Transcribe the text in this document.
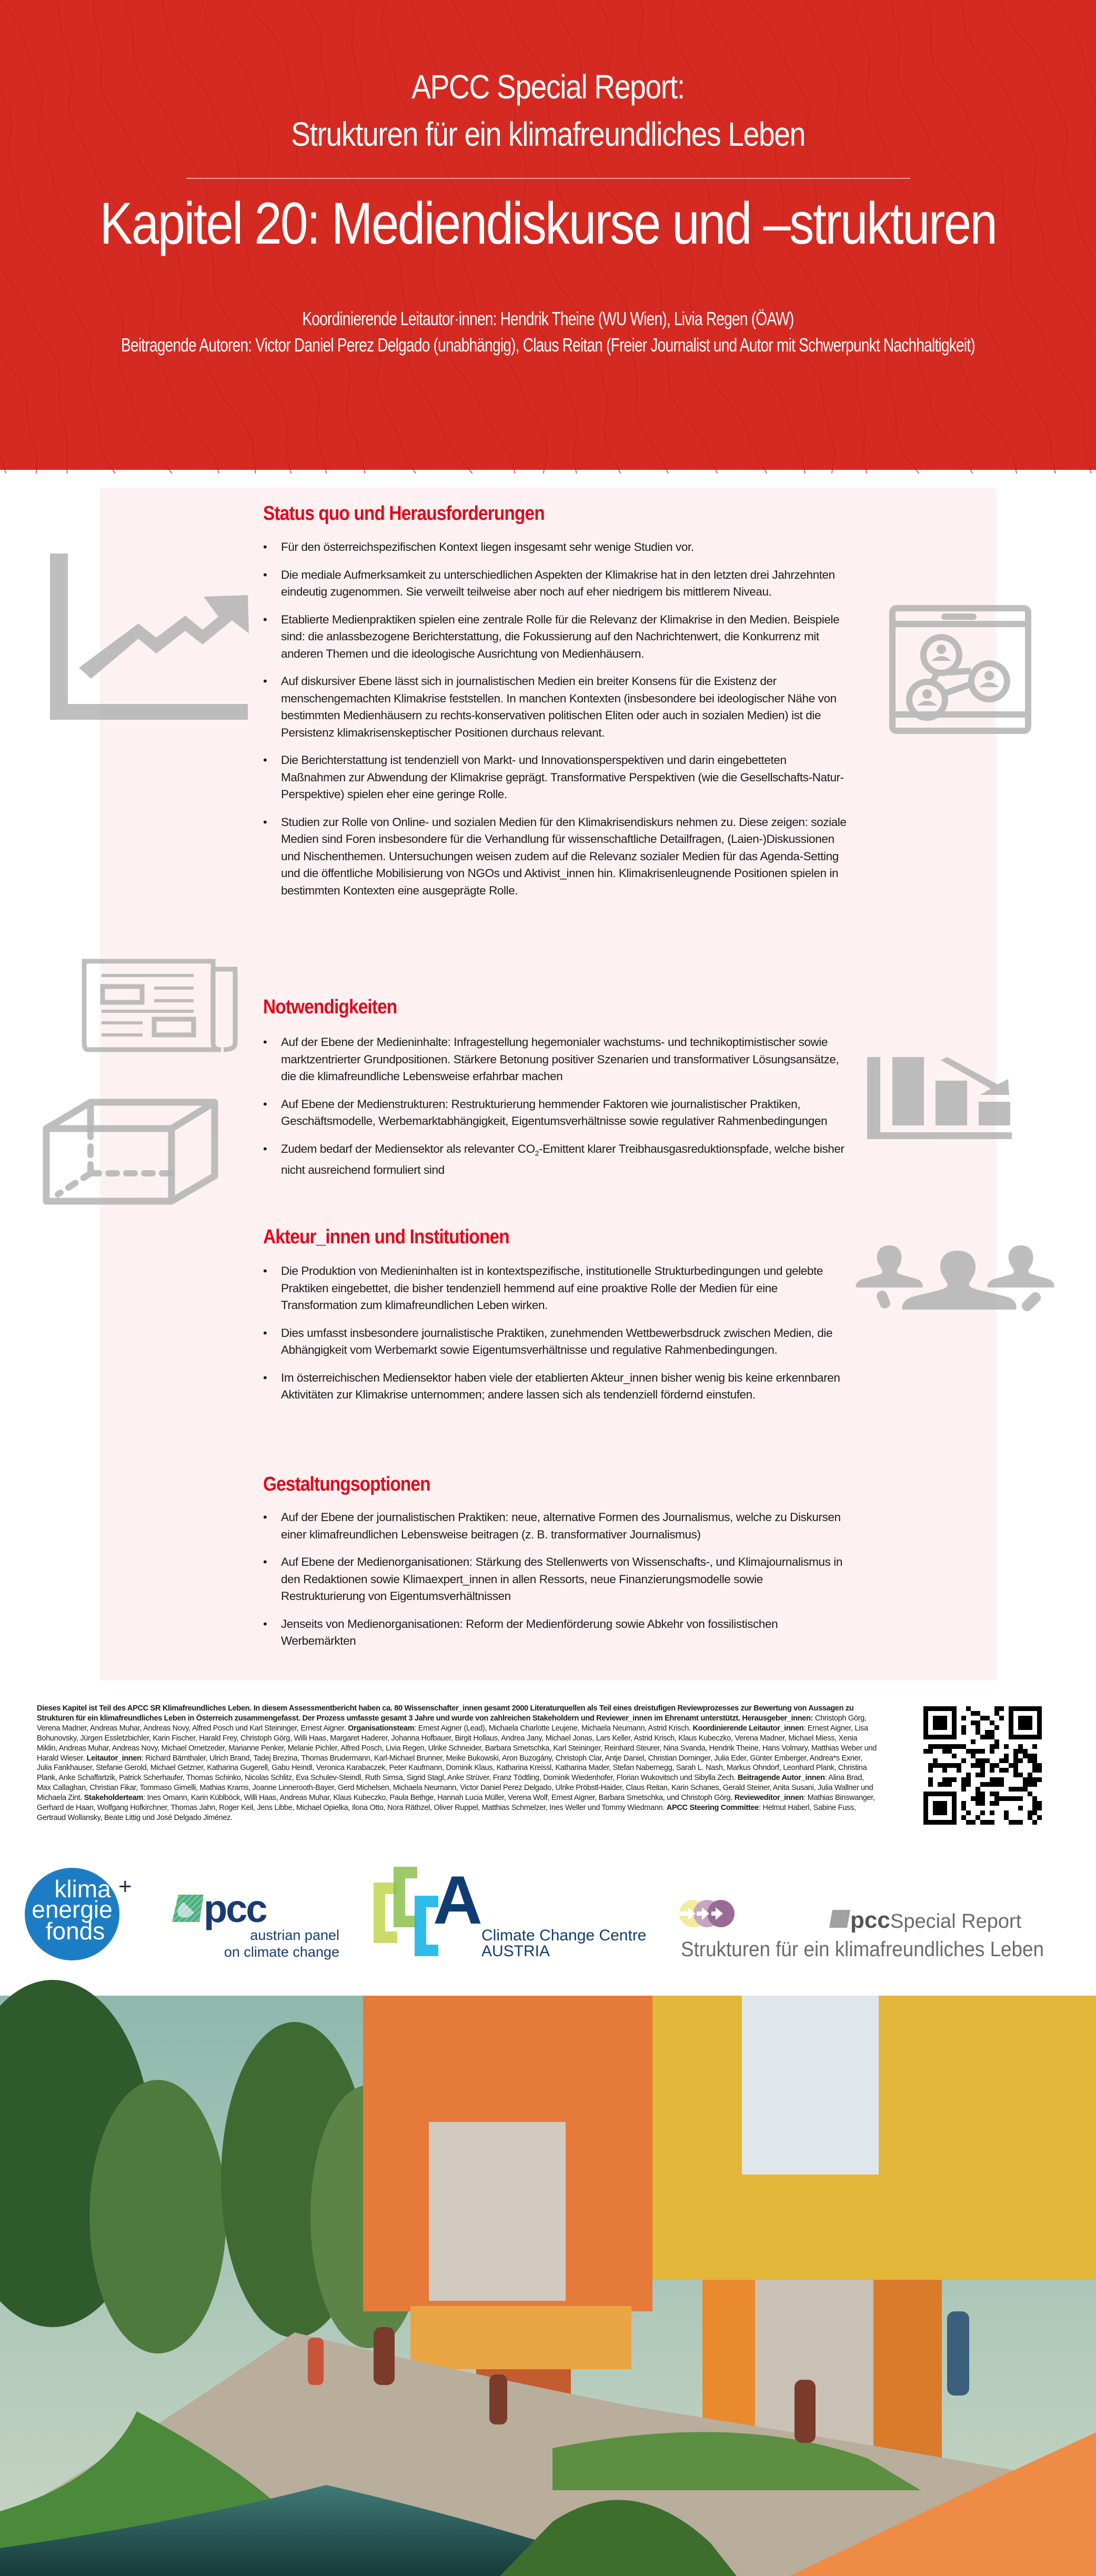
APCC Special Report:
Strukturen für ein klimafreundliches Leben
Kapitel 20: Mediendiskurse und –strukturen
Koordinierende Leitautor·innen: Hendrik Theine (WU Wien), Livia Regen (ÖAW)
Beitragende Autoren: Victor Daniel Perez Delgado (unabhängig), Claus Reitan (Freier Journalist und Autor mit Schwerpunkt Nachhaltigkeit)
Status quo und Herausforderungen
• Für den österreichspezifischen Kontext liegen insgesamt sehr wenige Studien vor.
• Die mediale Aufmerksamkeit zu unterschiedlichen Aspekten der Klimakrise hat in den letzten drei Jahrzehnten eindeutig zugenommen. Sie verweilt teilweise aber noch auf eher niedrigem bis mittlerem Niveau.
• Etablierte Medienpraktiken spielen eine zentrale Rolle für die Relevanz der Klimakrise in den Medien. Beispiele sind: die anlassbezogene Berichterstattung, die Fokussierung auf den Nachrichtenwert, die Konkurrenz mit anderen Themen und die ideologische Ausrichtung von Medienhäusern.
• Auf diskursiver Ebene lässt sich in journalistischen Medien ein breiter Konsens für die Existenz der menschengemachten Klimakrise feststellen. In manchen Kontexten (insbesondere bei ideologischer Nähe von bestimmten Medienhäusern zu rechts-konservativen politischen Eliten oder auch in sozialen Medien) ist die Persistenz klimakrisenskeptischer Positionen durchaus relevant.
• Die Berichterstattung ist tendenziell von Markt- und Innovationsperspektiven und darin eingebetteten Maßnahmen zur Abwendung der Klimakrise geprägt. Transformative Perspektiven (wie die Gesellschafts-Natur-Perspektive) spielen eher eine geringe Rolle.
• Studien zur Rolle von Online- und sozialen Medien für den Klimakrisendiskurs nehmen zu. Diese zeigen: soziale Medien sind Foren insbesondere für die Verhandlung für wissenschaftliche Detailfragen, (Laien-)Diskussionen und Nischenthemen. Untersuchungen weisen zudem auf die Relevanz sozialer Medien für das Agenda-Setting und die öffentliche Mobilisierung von NGOs und Aktivist_innen hin. Klimakrisenleugnende Positionen spielen in bestimmten Kontexten eine ausgeprägte Rolle.
Notwendigkeiten
• Auf der Ebene der Medieninhalte: Infragestellung hegemonialer wachstums- und technikoptimistischer sowie marktzentrierter Grundpositionen. Stärkere Betonung positiver Szenarien und transformativer Lösungsansätze, die die klimafreundliche Lebensweise erfahrbar machen
• Auf Ebene der Medienstrukturen: Restrukturierung hemmender Faktoren wie journalistischer Praktiken, Geschäftsmodelle, Werbemarktabhängigkeit, Eigentumsverhältnisse sowie regulativer Rahmenbedingungen
• Zudem bedarf der Mediensektor als relevanter $CO_2$-Emittent klarer Treibhausgasreduktionspfade, welche bisher nicht ausreichend formuliert sind
Akteur_innen und Institutionen
• Die Produktion von Medieninhalten ist in kontextspezifische, institutionelle Strukturbedingungen und gelebte Praktiken eingebettet, die bisher tendenziell hemmend auf eine proaktive Rolle der Medien für eine Transformation zum klimafreundlichen Leben wirken.
• Dies umfasst insbesondere journalistische Praktiken, zunehmenden Wettbewerbsdruck zwischen Medien, die Abhängigkeit vom Werbemarkt sowie Eigentumsverhältnisse und regulative Rahmenbedingungen.
• Im österreichischen Mediensektor haben viele der etablierten Akteur_innen bisher wenig bis keine erkennbaren Aktivitäten zur Klimakrise unternommen; andere lassen sich als tendenziell fördernd einstufen.
Gestaltungsoptionen
• Auf der Ebene der journalistischen Praktiken: neue, alternative Formen des Journalismus, welche zu Diskursen einer klimafreundlichen Lebensweise beitragen (z. B. transformativer Journalismus)
• Auf Ebene der Medienorganisationen: Stärkung des Stellenwerts von Wissenschafts-, und Klimajournalismus in den Redaktionen sowie Klimaexpert_innen in allen Ressorts, neue Finanzierungsmodelle sowie Restrukturierung von Eigentumsverhältnissen
• Jenseits von Medienorganisationen: Reform der Medienförderung sowie Abkehr von fossilistischen Werbemärkten
Dieses Kapitel ist Teil des APCC SR Klimafreundliches Leben. In diesem Assessmentbericht haben ca. 80 Wissenschafter_innen gesamt 2000 Literaturquellen als Teil eines dreistufigen Reviewprozesses zur Bewertung von Aussagen zu Strukturen für ein klimafreundliches Leben in Österreich zusammengefasst. Der Prozess umfasste gesamt 3 Jahre und wurde von zahlreichen Stakeholdern und Reviewer_innen im Ehrenamt unterstützt. Herausgeber_innen: Christoph Görg, Verena Madner, Andreas Muhar, Andreas Novy, Alfred Posch und Karl Steininger, Ernest Aigner. Organisationsteam: Ernest Aigner (Lead), Michaela Charlotte Leujene, Michaela Neumann, Astrid Krisch. Koordinierende Leitautor_innen: Ernest Aigner, Lisa Bohunovsky, Jürgen Essletzbichler, Karin Fischer, Harald Frey, Christoph Görg, Willi Haas, Margaret Haderer, Johanna Hofbauer, Birgit Hollaus, Andrea Jany, Michael Jonas, Lars Keller, Astrid Krisch, Klaus Kubeczko, Verena Madner, Michael Miess, Xenia Miklin, Andreas Muhar, Andreas Novy, Michael Ornetzeder, Marianne Penker, Melanie Pichler, Alfred Posch, Livia Regen, Ulrike Schneider, Barbara Smetschka, Karl Steininger, Reinhard Steurer, Nina Svanda, Hendrik Theine, Hans Volmary, Matthias Weber und Harald Wieser. Leitautor_innen: Richard Bärnthaler, Ulrich Brand, Tadej Brezina, Thomas Brudermann, Karl-Michael Brunner, Meike Bukowski, Aron Buzogány, Christoph Clar, Antje Daniel, Christian Dorninger, Julia Eder, Günter Emberger, Andrea*s Exner, Julia Fankhauser, Stefanie Gerold, Michael Getzner, Katharina Gugerell, Gabu Heindl, Veronica Karabaczek, Peter Kaufmann, Dominik Klaus, Katharina Kreissl, Katharina Mader, Stefan Nabernegg, Sarah L. Nash, Markus Ohndorf, Leonhard Plank, Christina Plank, Anke Schaffartzik, Patrick Scherhaufer, Thomas Schinko, Nicolas Schlitz, Eva Schulev-Steindl, Ruth Simsa, Sigrid Stagl, Anke Strüver, Franz Tödtling, Dominik Wiedenhofer, Florian Wukovitsch und Sibylla Zech. Beitragende Autor_innen: Alina Brad, Max Callaghan, Christian Fikar, Tommaso Gimelli, Mathias Krams, Joanne Linnerooth-Bayer, Gerd Michelsen, Michaela Neumann, Victor Daniel Perez Delgado, Ulrike Pröbstl-Haider, Claus Reitan, Karin Schanes, Gerald Steiner, Anita Susani, Julia Wallner und Michaela Zint. Stakeholderteam: Ines Omann, Karin Küblböck, Willi Haas, Andreas Muhar, Klaus Kubeczko, Paula Bethge, Hannah Lucia Müller, Verena Wolf, Ernest Aigner, Barbara Smetschka, und Christoph Görg. Revieweditor_innen: Mathias Binswanger, Gerhard de Haan, Wolfgang Hofkirchner, Thomas Jahn, Roger Keil, Jens Libbe, Michael Opielka, Ilona Otto, Nora Räthzel, Oliver Ruppel, Matthias Schmelzer, Ines Weller und Tommy Wiedmann. APCC Steering Committee: Helmut Haberl, Sabine Fuss, Gertraud Wollansky, Beate Littig und José Delgado Jiménez.
klima
energie
fonds
+
pcc
austrian panel
on climate change
A
Climate Change Centre
AUSTRIA
pcc Special Report
Strukturen für ein klimafreundliches Leben
